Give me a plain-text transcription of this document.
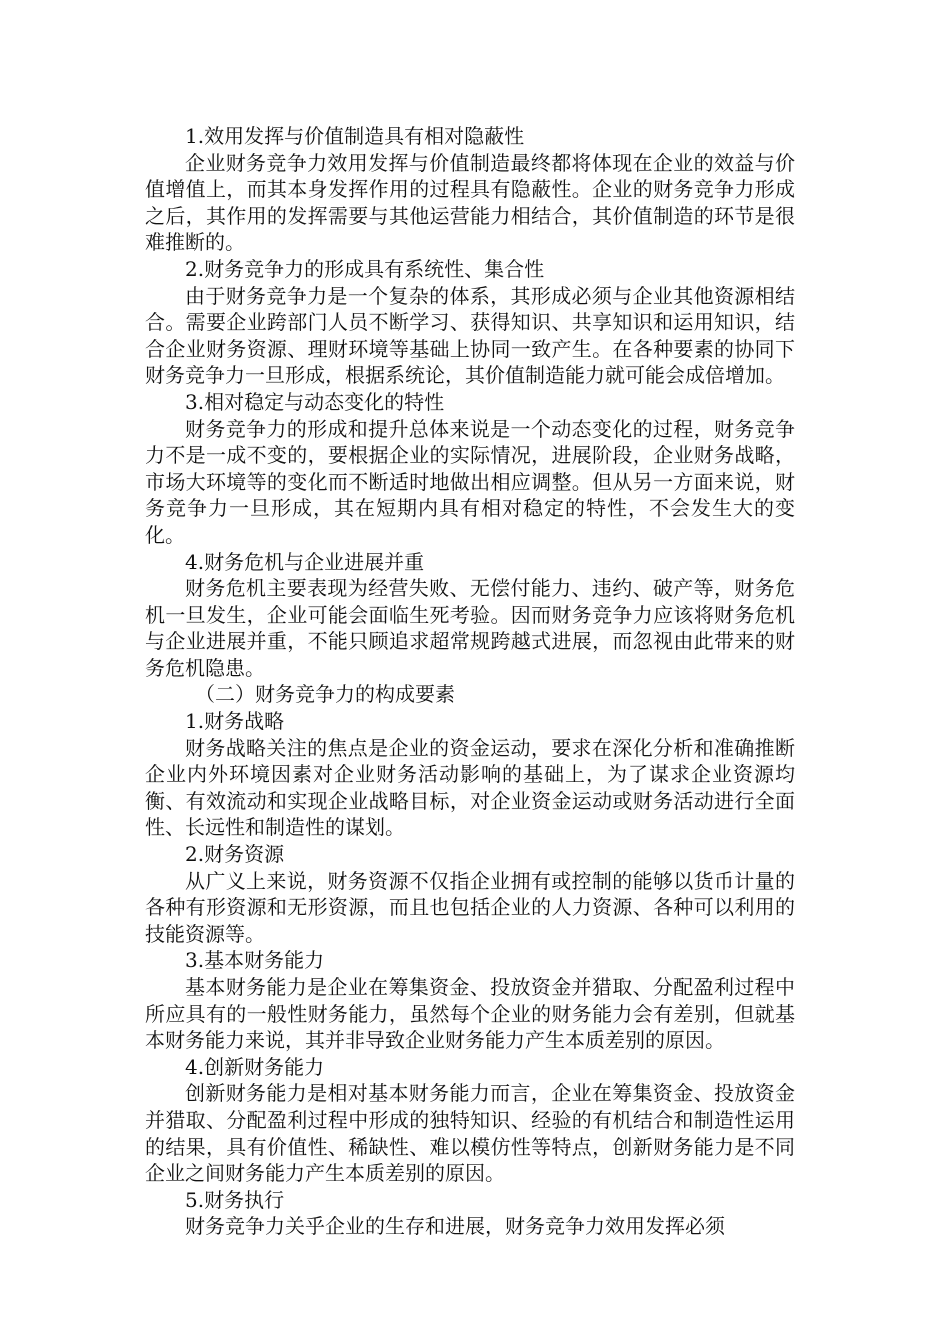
1.效用发挥与价值制造具有相对隐蔽性

企业财务竞争力效用发挥与价值制造最终都将体现在企业的效益与价值增值上，而其本身发挥作用的过程具有隐蔽性。企业的财务竞争力形成之后，其作用的发挥需要与其他运营能力相结合，其价值制造的环节是很难推断的。

2.财务竞争力的形成具有系统性、集合性

由于财务竞争力是一个复杂的体系，其形成必须与企业其他资源相结合。需要企业跨部门人员不断学习、获得知识、共享知识和运用知识，结合企业财务资源、理财环境等基础上协同一致产生。在各种要素的协同下财务竞争力一旦形成，根据系统论，其价值制造能力就可能会成倍增加。

3.相对稳定与动态变化的特性

财务竞争力的形成和提升总体来说是一个动态变化的过程，财务竞争力不是一成不变的，要根据企业的实际情况，进展阶段，企业财务战略，市场大环境等的变化而不断适时地做出相应调整。但从另一方面来说，财务竞争力一旦形成，其在短期内具有相对稳定的特性，不会发生大的变化。

4.财务危机与企业进展并重

财务危机主要表现为经营失败、无偿付能力、违约、破产等，财务危机一旦发生，企业可能会面临生死考验。因而财务竞争力应该将财务危机与企业进展并重，不能只顾追求超常规跨越式进展，而忽视由此带来的财务危机隐患。

（二）财务竞争力的构成要素

1.财务战略

财务战略关注的焦点是企业的资金运动，要求在深化分析和准确推断企业内外环境因素对企业财务活动影响的基础上，为了谋求企业资源均衡、有效流动和实现企业战略目标，对企业资金运动或财务活动进行全面性、长远性和制造性的谋划。

2.财务资源

从广义上来说，财务资源不仅指企业拥有或控制的能够以货币计量的各种有形资源和无形资源，而且也包括企业的人力资源、各种可以利用的技能资源等。

3.基本财务能力

基本财务能力是企业在筹集资金、投放资金并猎取、分配盈利过程中所应具有的一般性财务能力，虽然每个企业的财务能力会有差别，但就基本财务能力来说，其并非导致企业财务能力产生本质差别的原因。

4.创新财务能力

创新财务能力是相对基本财务能力而言，企业在筹集资金、投放资金并猎取、分配盈利过程中形成的独特知识、经验的有机结合和制造性运用的结果，具有价值性、稀缺性、难以模仿性等特点，创新财务能力是不同企业之间财务能力产生本质差别的原因。

5.财务执行

财务竞争力关乎企业的生存和进展，财务竞争力效用发挥必须
